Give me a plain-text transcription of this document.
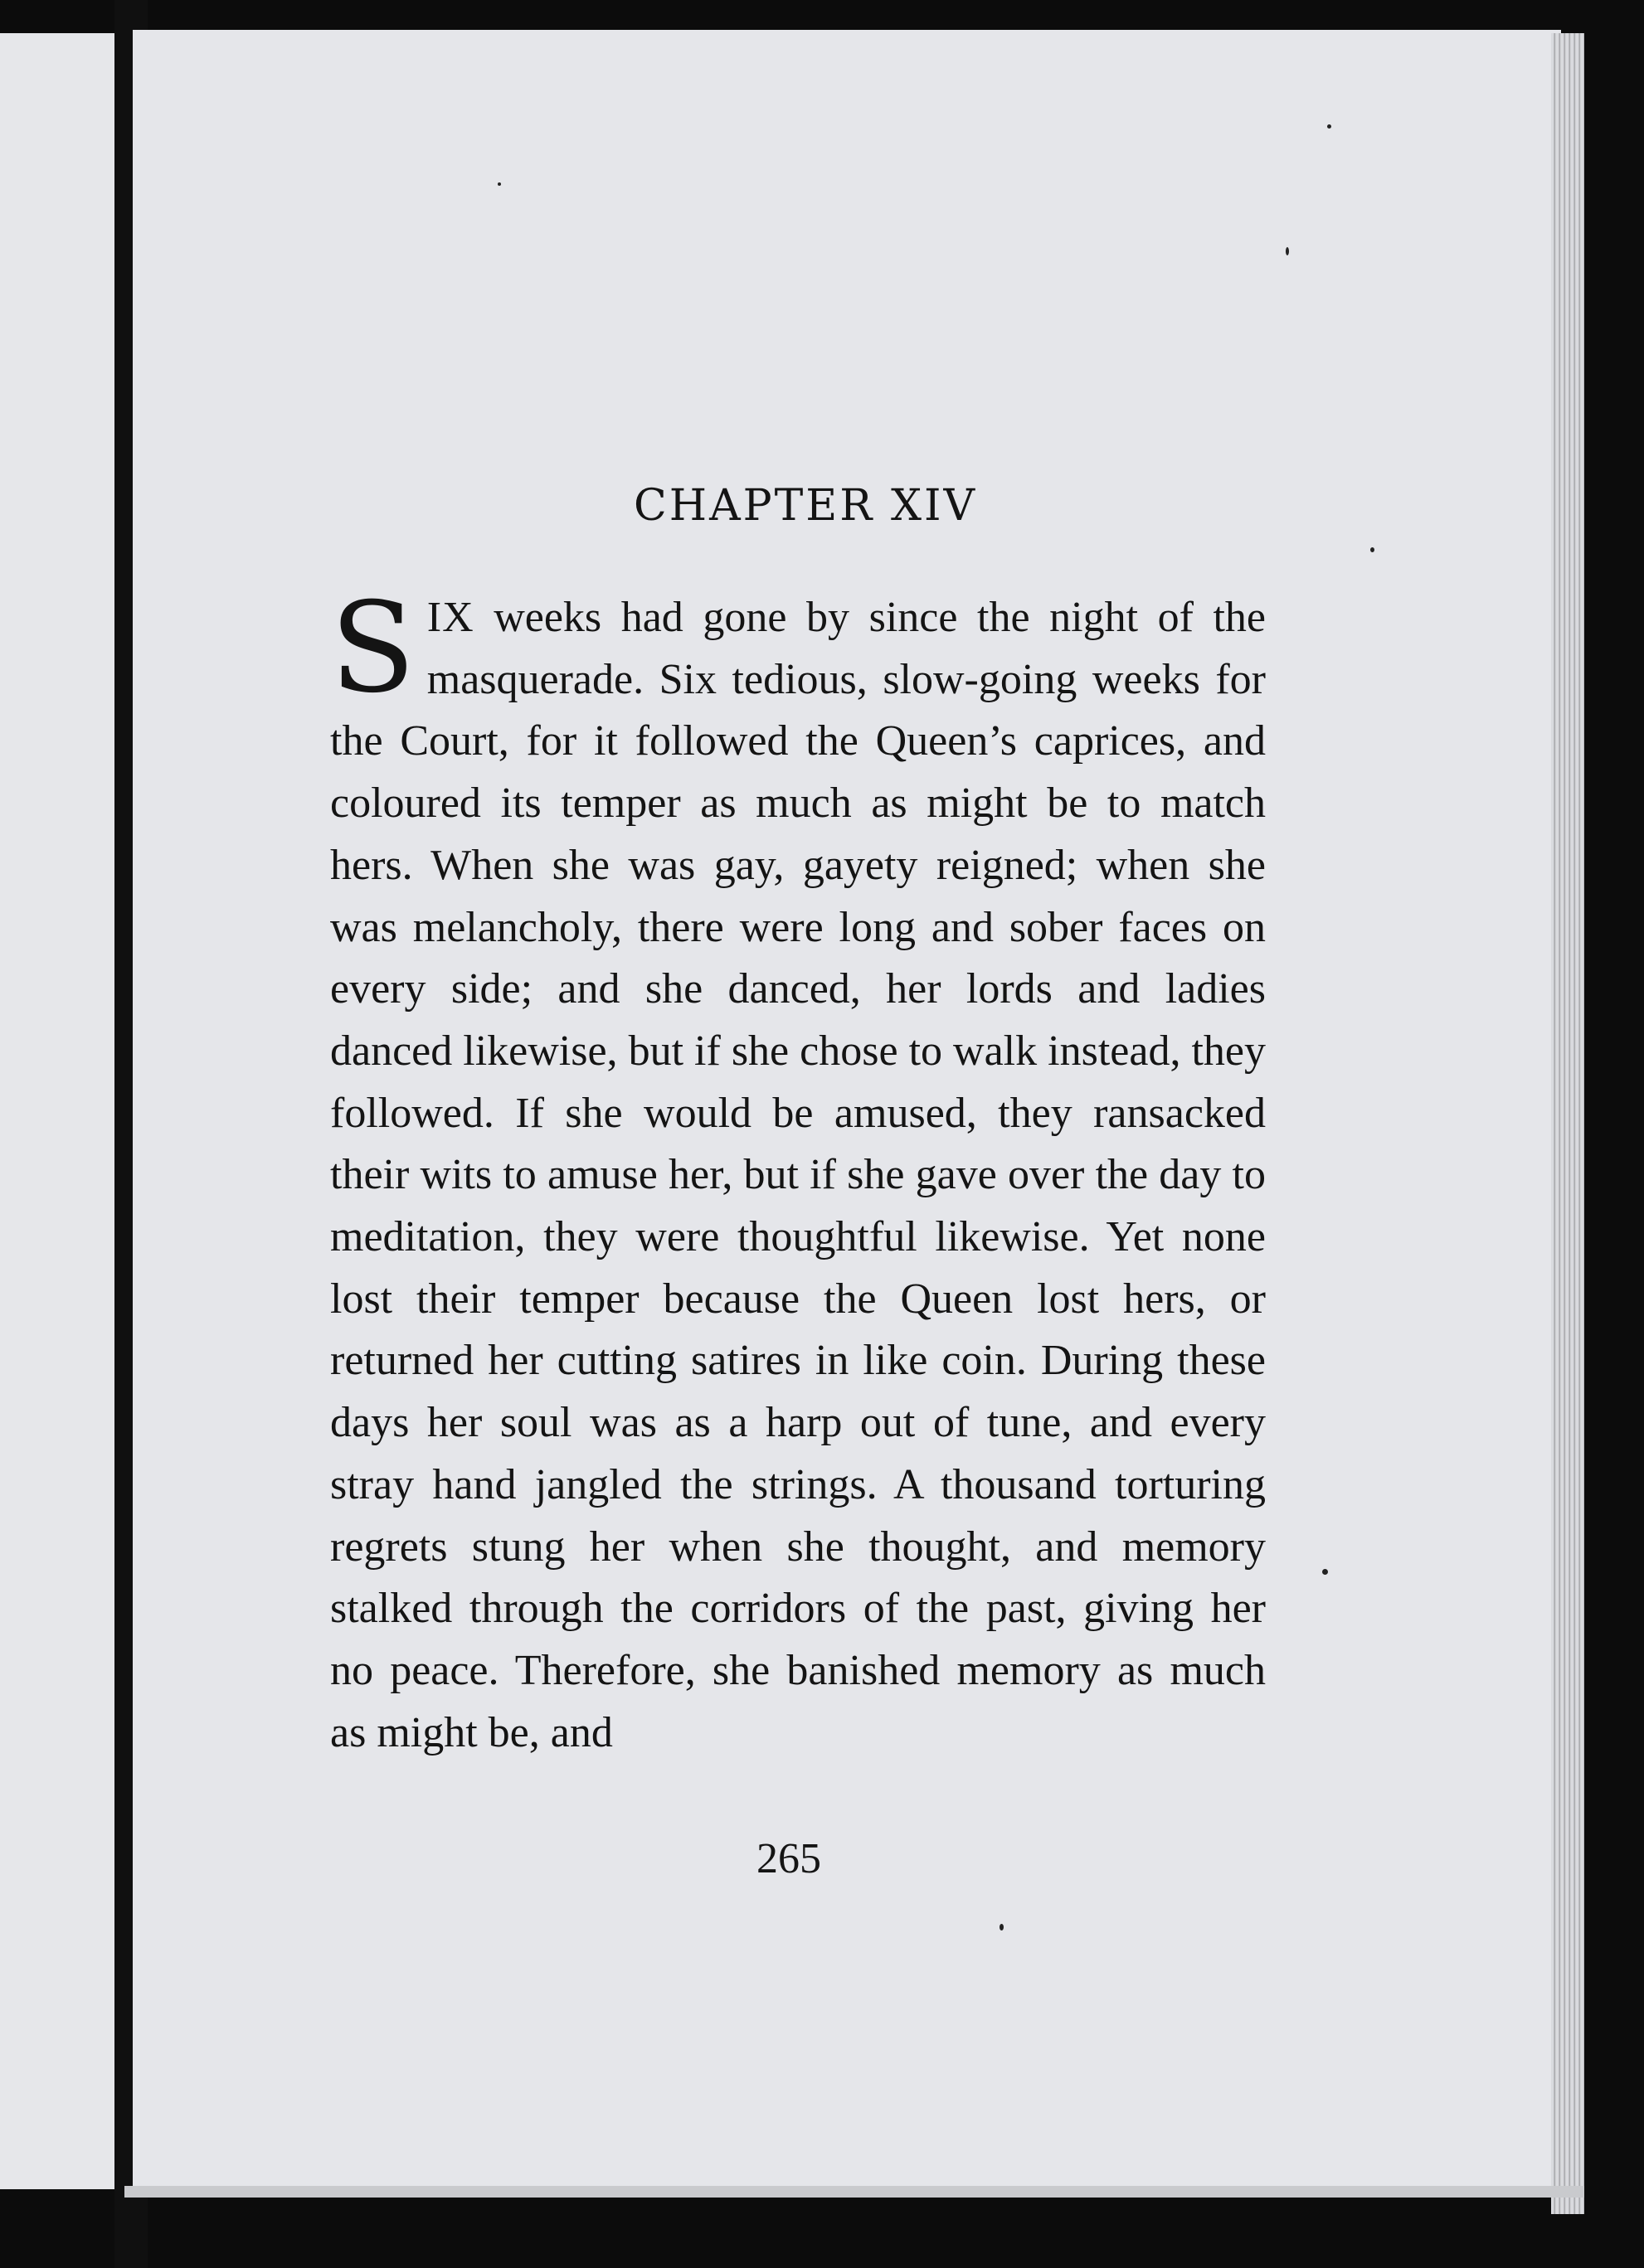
CHAPTER XIV

SIX weeks had gone by since the night of the masquerade. Six tedious, slow-going weeks for the Court, for it followed the Queen’s caprices, and coloured its temper as much as might be to match hers. When she was gay, gayety reigned; when she was melancholy, there were long and sober faces on every side; and she danced, her lords and ladies danced likewise, but if she chose to walk instead, they followed. If she would be amused, they ransacked their wits to amuse her, but if she gave over the day to meditation, they were thoughtful likewise. Yet none lost their temper because the Queen lost hers, or returned her cutting satires in like coin. During these days her soul was as a harp out of tune, and every stray hand jangled the strings. A thousand torturing regrets stung her when she thought, and memory stalked through the corridors of the past, giving her no peace. Therefore, she banished memory as much as might be, and

265
